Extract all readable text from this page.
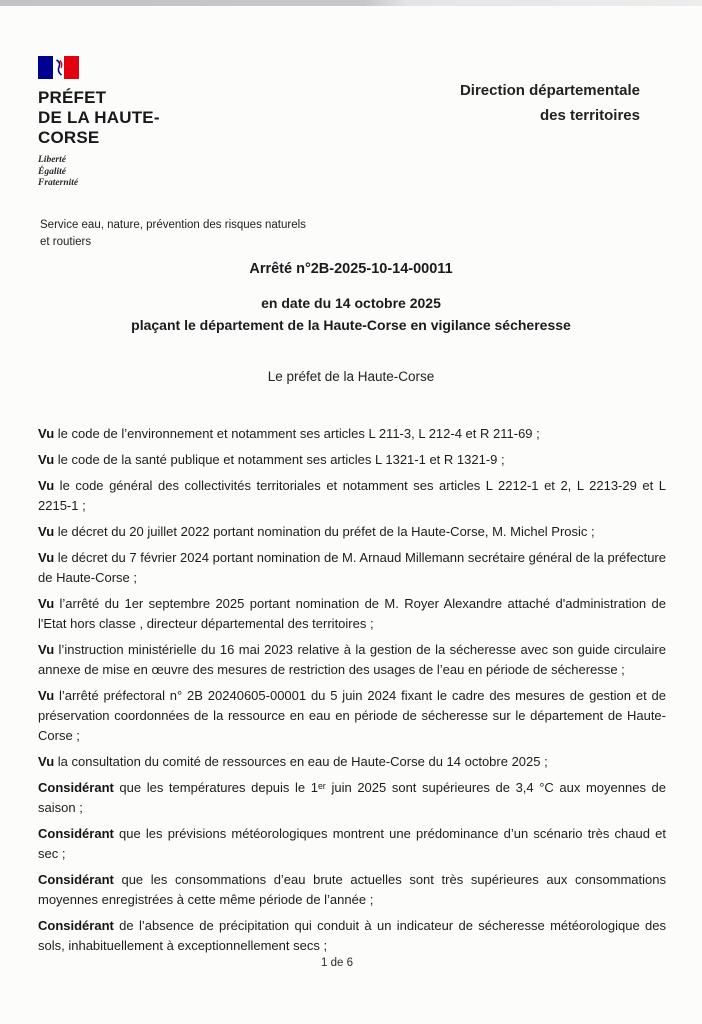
PRÉFET
DE LA HAUTE-
CORSE
Liberté
Égalité
Fraternité
Direction départementale
des territoires
Service eau, nature, prévention des risques naturels
et routiers
Arrêté n°2B-2025-10-14-00011
en date du 14 octobre 2025
plaçant le département de la Haute-Corse en vigilance sécheresse
Le préfet de la Haute-Corse

Vu le code de l’environnement et notamment ses articles L 211-3, L 212-4 et R 211-69 ;

Vu le code de la santé publique et notamment ses articles L 1321-1 et R 1321-9 ;

Vu le code général des collectivités territoriales et notamment ses articles L 2212-1 et 2, L 2213-29 et L 2215-1 ;

Vu le décret du 20 juillet 2022 portant nomination du préfet de la Haute-Corse, M. Michel Prosic ;

Vu le décret du 7 février 2024 portant nomination de M. Arnaud Millemann secrétaire général de la préfecture de Haute-Corse ;

Vu l’arrêté du 1er septembre 2025 portant nomination de M. Royer Alexandre attaché d'administration de l'Etat hors classe , directeur départemental des territoires ;

Vu l’instruction ministérielle du 16 mai 2023 relative à la gestion de la sécheresse avec son guide circulaire annexe de mise en œuvre des mesures de restriction des usages de l’eau en période de sécheresse ;

Vu l’arrêté préfectoral n° 2B 20240605-00001 du 5 juin 2024 fixant le cadre des mesures de gestion et de préservation coordonnées de la ressource en eau en période de sécheresse sur le département de Haute-Corse ;

Vu la consultation du comité de ressources en eau de Haute-Corse du 14 octobre 2025 ;

Considérant que les températures depuis le 1ᵉʳ juin 2025 sont supérieures de 3,4 °C aux moyennes de saison ;

Considérant que les prévisions météorologiques montrent une prédominance d’un scénario très chaud et sec ;

Considérant que les consommations d’eau brute actuelles sont très supérieures aux consommations moyennes enregistrées à cette même période de l’année ;

Considérant de l’absence de précipitation qui conduit à un indicateur de sécheresse météorologique des sols, inhabituellement à exceptionnellement secs ;

1 de 6
